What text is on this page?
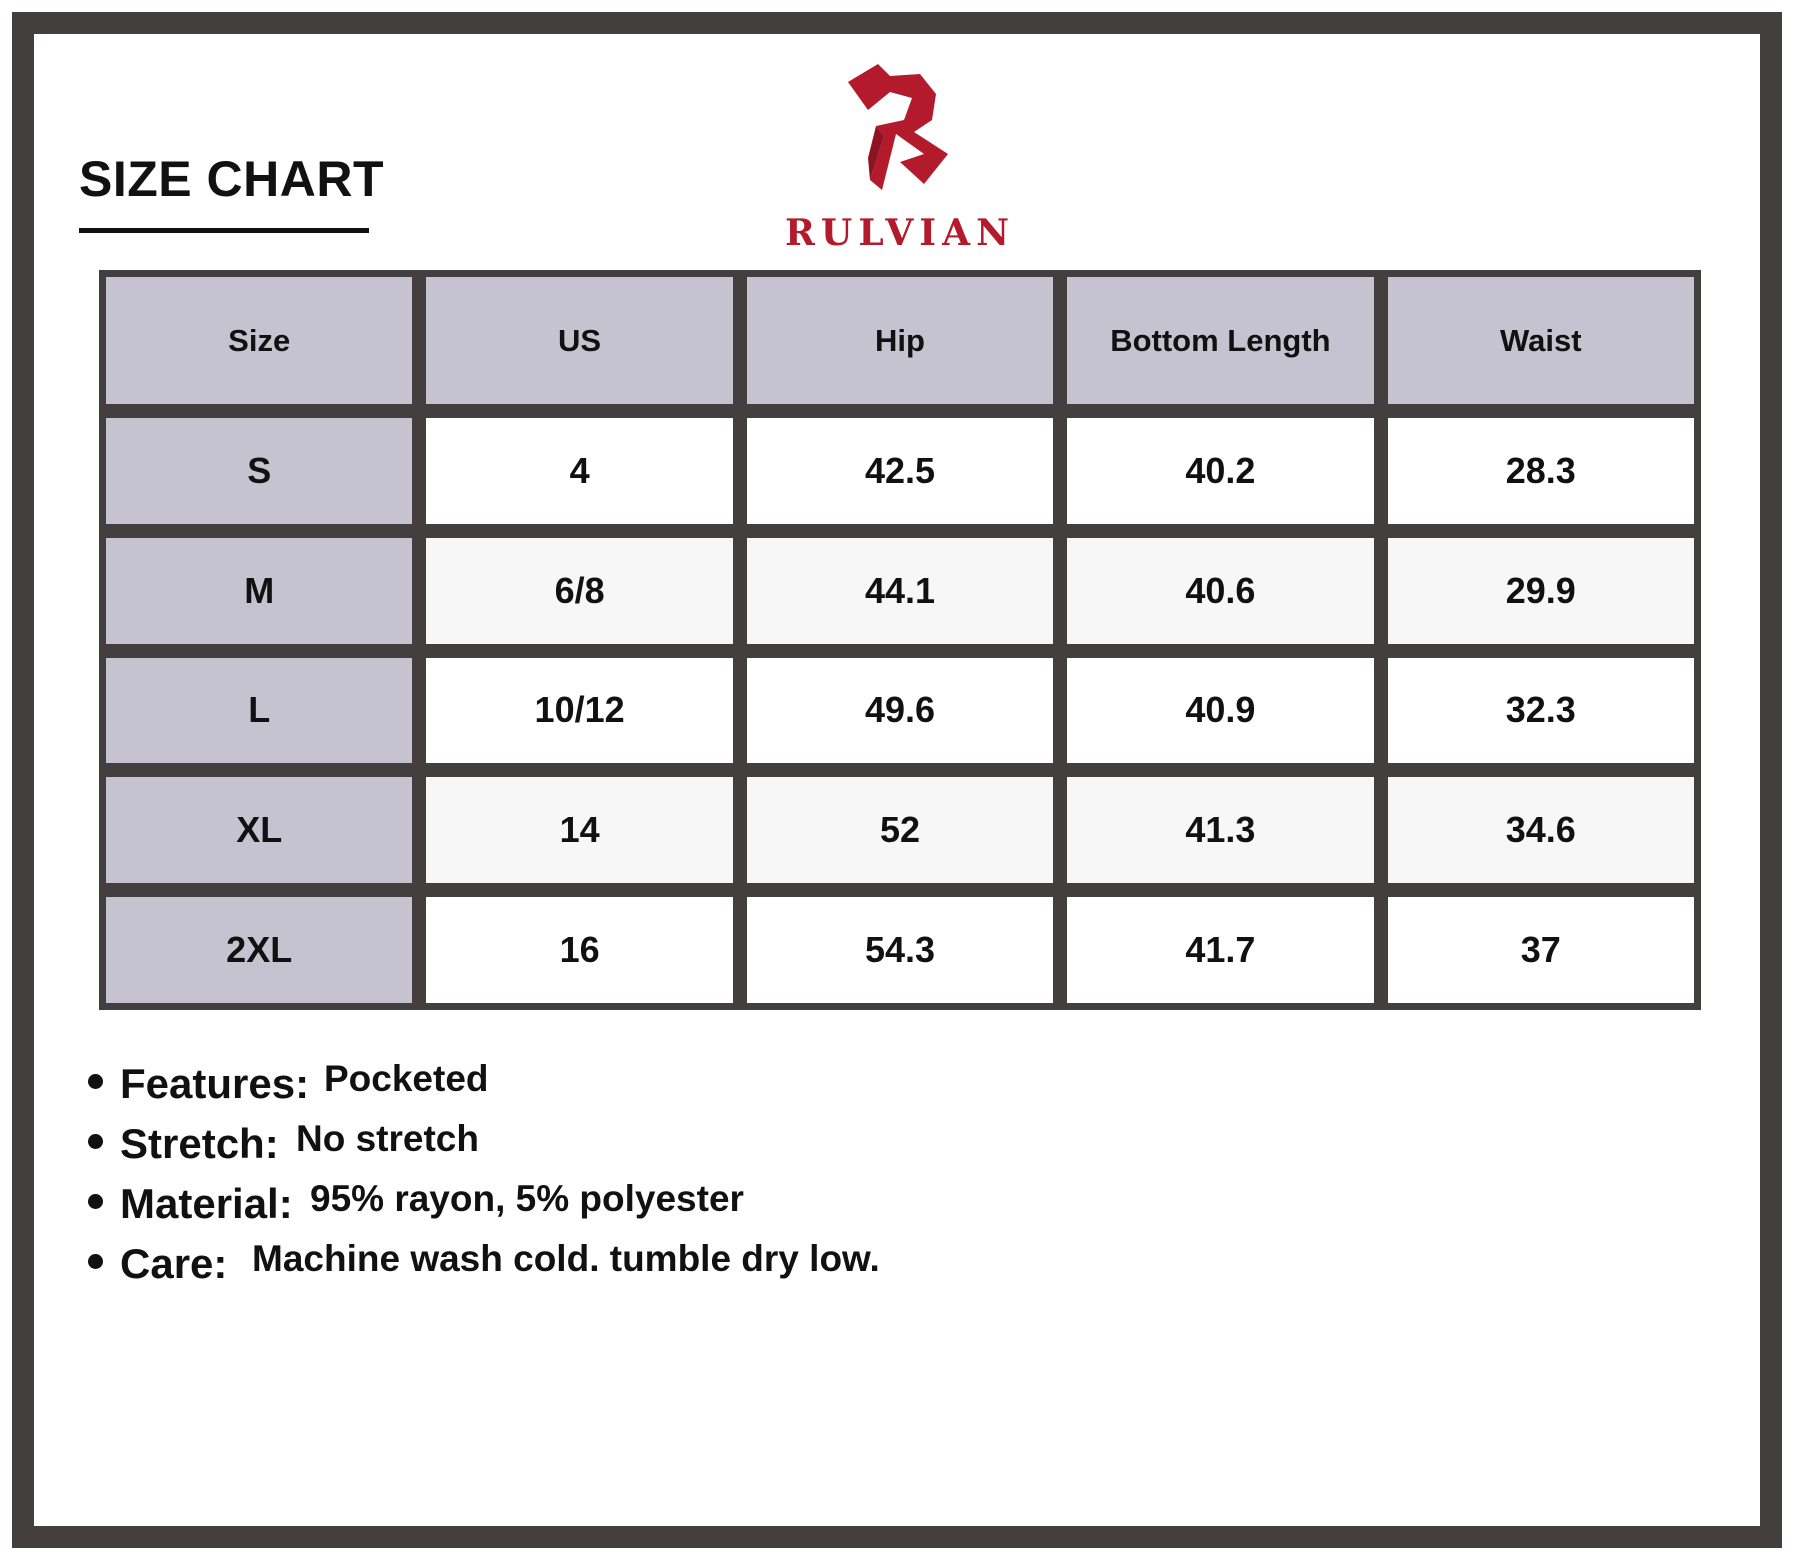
SIZE CHART
RULVIAN
Size	US	Hip	Bottom Length	Waist
S	4	42.5	40.2	28.3
M	6/8	44.1	40.6	29.9
L	10/12	49.6	40.9	32.3
XL	14	52	41.3	34.6
2XL	16	54.3	41.7	37
Features: Pocketed
Stretch: No stretch
Material: 95% rayon, 5% polyester
Care: Machine wash cold. tumble dry low.
